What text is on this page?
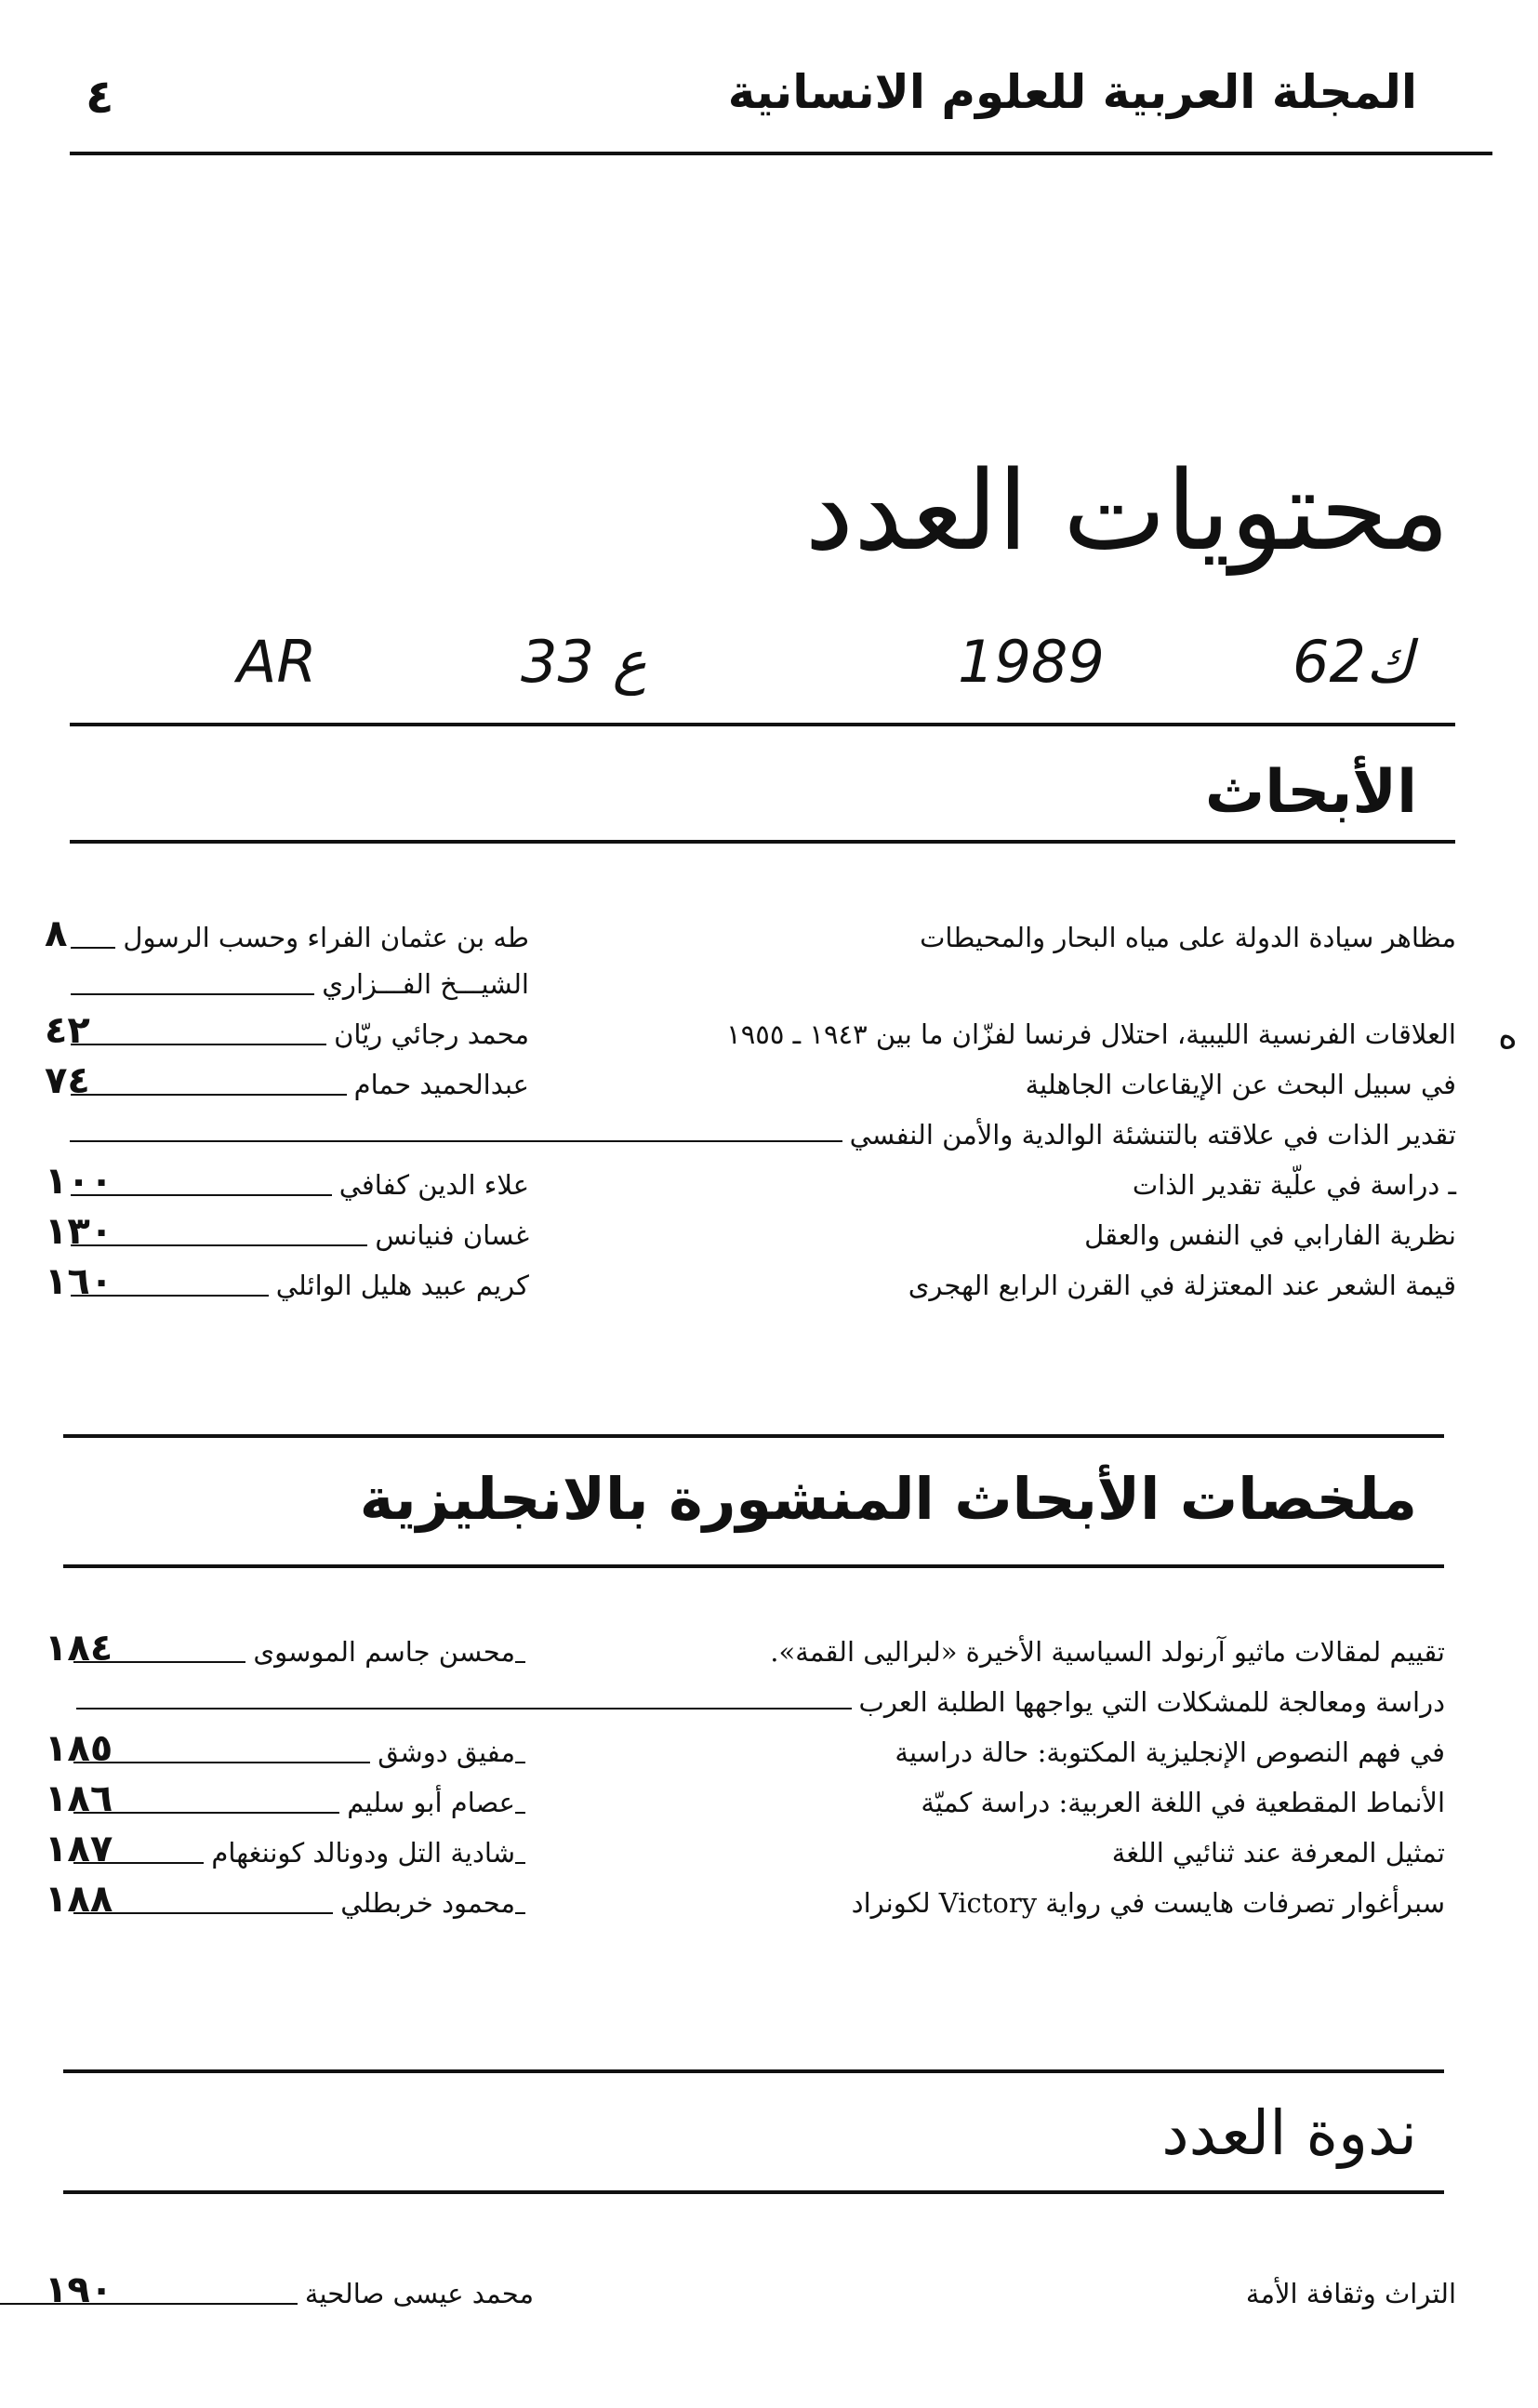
المجلة العربية للعلوم الانسانية
٤
محتويات العدد
62ك
1989
ع 33
AR
الأبحاث
مظاهر سيادة الدولة على مياه البحار والمحيطات
طه بن عثمان الفراء وحسب الرسول
٨
الشيـــخ الفـــزاري
ه
العلاقات الفرنسية الليبية، احتلال فرنسا لفزّان ما بين ١٩٤٣ ـ ١٩٥٥
محمد رجائي ريّان
٤٢
في سبيل البحث عن الإيقاعات الجاهلية
عبدالحميد حمام
٧٤
تقدير الذات في علاقته بالتنشئة الوالدية والأمن النفسي
ـ دراسة في علّية تقدير الذات
علاء الدين كفافي
١٠٠
نظرية الفارابي في النفس والعقل
غسان فنيانس
١٣٠
قيمة الشعر عند المعتزلة في القرن الرابع الهجرى
كريم عبيد هليل الوائلي
١٦٠
ملخصات الأبحاث المنشورة بالانجليزية
تقييم لمقالات ماثيو آرنولد السياسية الأخيرة «لبراليى القمة».
محسن جاسم الموسوى
١٨٤
دراسة ومعالجة للمشكلات التي يواجهها الطلبة العرب
في فهم النصوص الإنجليزية المكتوبة: حالة دراسية
مفيق دوشق
١٨٥
الأنماط المقطعية في اللغة العربية: دراسة كميّة
عصام أبو سليم
١٨٦
تمثيل المعرفة عند ثنائيي اللغة
شادية التل ودونالد كوننغهام
١٨٧
سبرأغوار تصرفات هايست في رواية Victory لكونراد
محمود خربطلي
١٨٨
ندوة العدد
التراث وثقافة الأمة
محمد عيسى صالحية
١٩٠
